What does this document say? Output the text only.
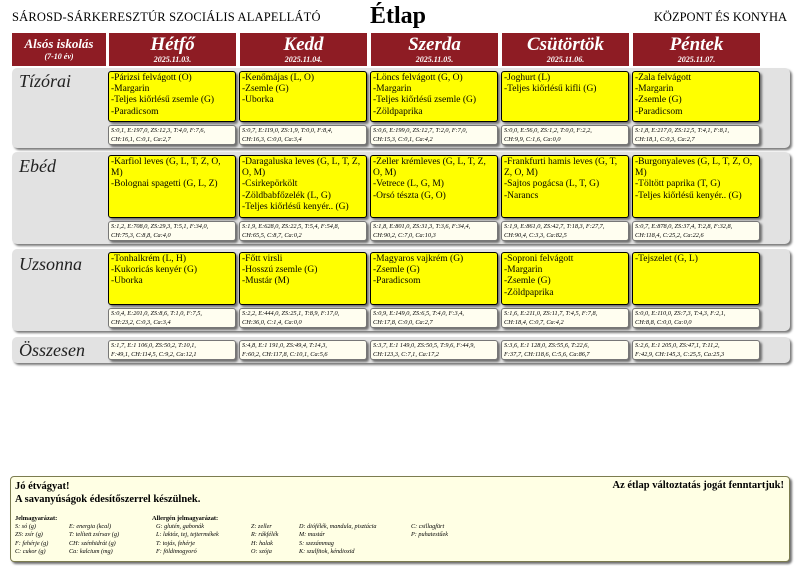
SÁROSD-SÁRKERESZTÚR SZOCIÁLIS ALAPELLÁTÓ Étlap	KÖZPONT ÉS KONYHA
Alsós iskolás
(7-10 év)
Hétfő
2025.11.03.
Kedd
2025.11.04.
Szerda
2025.11.05.
Csütörtök
2025.11.06.
Péntek
2025.11.07.
Tízórai
Ebéd
Uzsonna
Összesen
-Párizsi felvágott (O)
-Margarin
-Teljes kiőrlésű zsemle (G)
-Paradicsom
-Kenőmájas (L, O)
-Zsemle (G)
-Uborka
-Löncs felvágott (G, O)
-Margarin
-Teljes kiőrlésű zsemle (G)
-Zöldpaprika
-Joghurt (L)
-Teljes kiőrlésű kifli (G)
-Zala felvágott
-Margarin
-Zsemle (G)
-Paradicsom
S:0,1, E:197,0, ZS:12,3, T:4,0, F:7,6,
CH:16,1, C:0,1, Ca:2,7
S:0,7, E:119,0, ZS:1,9, T:0,0, F:8,4,
CH:16,3, C:0,0, Ca:3,4
S:0,6, E:199,0, ZS:12,7, T:2,0, F:7,0,
CH:15,3, C:0,1, Ca:4,2
S:0,0, E:56,0, ZS:1,2, T:0,0, F:2,2,
CH:9,9, C:1,6, Ca:0,0
S:1,8, E:217,0, ZS:12,5, T:4,1, F:8,1,
CH:18,1, C:0,3, Ca:2,7
-Karfiol leves (G, L, T, Z, O, M)
-Bolognai spagetti (G, L, Z)
-Daragaluska leves (G, L, T, Z, O, M)
-Csirkepörkölt
-Zöldbabfőzelék (L, G)
-Teljes kiőrlésű kenyér.. (G)
-Zeller krémleves (G, L, T, Z, O, M)
-Vetrece (L, G, M)
-Orsó tészta (G, O)
-Frankfurti hamis leves (G, T, Z, O, M)
-Sajtos pogácsa (L, T, G)
-Narancs
-Burgonyaleves (G, L, T, Z, O, M)
-Töltött paprika (T, G)
-Teljes kiőrlésű kenyér.. (G)
S:1,2, E:708,0, ZS:29,3, T:5,1, F:34,0,
CH:75,3, C:8,8, Ca:4,0
S:1,9, E:628,0, ZS:22,5, T:5,4, F:54,8,
CH:65,5, C:8,7, Ca:0,2
S:1,8, E:801,0, ZS:31,3, T:3,6, F:34,4,
CH:90,2, C:7,0, Ca:10,3
S:1,9, E:861,0, ZS:42,7, T:18,3, F:27,7,
CH:90,4, C:3,3, Ca:82,5
S:0,7, E:878,0, ZS:37,4, T:2,8, F:32,8,
CH:118,4, C:25,2, Ca:22,6
-Tonhalkrém (L, H)
-Kukoricás kenyér (G)
-Uborka
-Főtt virsli
-Hosszú zsemle (G)
-Mustár (M)
-Magyaros vajkrém (G)
-Zsemle (G)
-Paradicsom
-Soproni felvágott
-Margarin
-Zsemle (G)
-Zöldpaprika
-Tejszelet (G, L)
S:0,4, E:201,0, ZS:8,6, T:1,0, F:7,5,
CH:23,2, C:0,3, Ca:3,4
S:2,2, E:444,0, ZS:25,1, T:8,9, F:17,0,
CH:36,0, C:1,4, Ca:0,0
S:0,9, E:149,0, ZS:6,5, T:4,0, F:3,4,
CH:17,8, C:0,0, Ca:2,7
S:1,6, E:211,0, ZS:11,7, T:4,5, F:7,8,
CH:18,4, C:0,7, Ca:4,2
S:0,0, E:110,0, ZS:7,3, T:4,3, F:2,1,
CH:8,8, C:0,0, Ca:0,0
S:1,7, E:1 106,0, ZS:50,2, T:10,1,
F:49,1, CH:114,5, C:9,2, Ca:12,1
S:4,8, E:1 191,0, ZS:49,4, T:14,3,
F:60,2, CH:117,8, C:10,1, Ca:5,6
S:3,7, E:1 149,0, ZS:50,5, T:9,6, F:44,9,
CH:123,3, C:7,1, Ca:17,2
S:3,6, E:1 128,0, ZS:55,6, T:22,6,
F:37,7, CH:118,6, C:5,6, Ca:86,7
S:2,6, E:1 205,0, ZS:47,1, T:11,2,
F:42,9, CH:145,3, C:25,5, Ca:25,3
Jó étvágyat!
A savanyúságok édesítőszerrel készülnek.
Az étlap változtatás jogát fenntartjuk!
Jelmagyarázat:
S: só (g)
ZS: zsír (g)
F: fehérje (g)
C: cukor (g)
E: energia (kcal)
T: telített zsírsav (g)
CH: szénhidrát (g)
Ca: kalcium (mg)
Allergén jelmagyarázat:
G: glutén, gabonák
L: laktóz, tej, tejtermékek
T: tojás, fehérje
F: földimogyoró
Z: zeller
R: rákfélék
H: halak
O: szója
D: diófélék, mandula, pisztácia
M: mustár
S: szezámmag
K: szulfitok, kéndioxid
C: csillagfürt
P: puhatestűek
